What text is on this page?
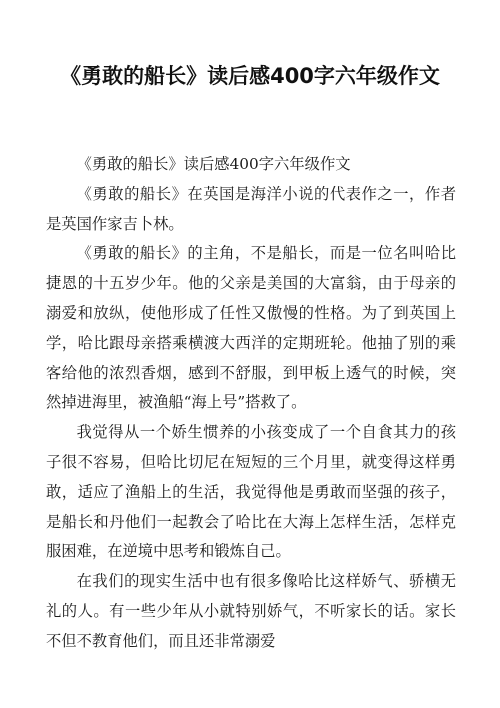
《勇敢的船长》读后感400字六年级作文

《勇敢的船长》读后感400字六年级作文

《勇敢的船长》在英国是海洋小说的代表作之一，作者是英国作家吉卜林。

《勇敢的船长》的主角，不是船长，而是一位名叫哈比捷恩的十五岁少年。他的父亲是美国的大富翁，由于母亲的溺爱和放纵，使他形成了任性又傲慢的性格。为了到英国上学，哈比跟母亲搭乘横渡大西洋的定期班轮。他抽了别的乘客给他的浓烈香烟，感到不舒服，到甲板上透气的时候，突然掉进海里，被渔船“海上号”搭救了。

我觉得从一个娇生惯养的小孩变成了一个自食其力的孩子很不容易，但哈比切尼在短短的三个月里，就变得这样勇敢，适应了渔船上的生活，我觉得他是勇敢而坚强的孩子，是船长和丹他们一起教会了哈比在大海上怎样生活，怎样克服困难，在逆境中思考和锻炼自己。

在我们的现实生活中也有很多像哈比这样娇气、骄横无礼的人。有一些少年从小就特别娇气，不听家长的话。家长不但不教育他们，而且还非常溺爱
